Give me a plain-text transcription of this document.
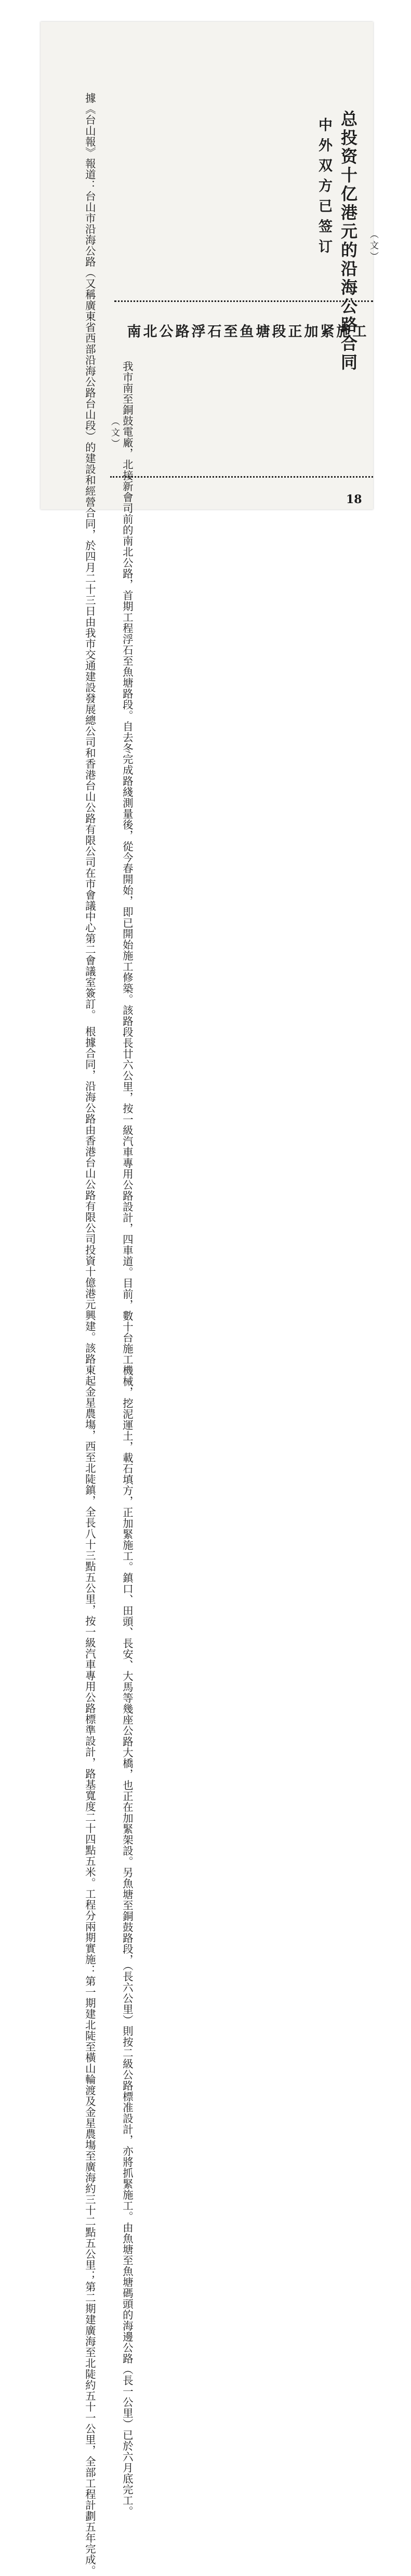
总投资十亿港元的沿海公路合同
中外双方已签订
據《台山報》報道：台山市沿海公路（又稱廣東省西部沿海公路台山段）的建設和經營合同，於四月二十三日由我市交通建設發展總公司和香港台山公路有限公司在市會議中心第二會議室簽訂。　根據合同，沿海公路由香港台山公路有限公司投資十億港元興建。該路東起金星農塲，西至北陡鎮，全長八十三點五公里，按一級汽車專用公路標準設計，路基寬度二十四點五米。工程分兩期實施：第一期建北陡至橫山輪渡及金星農塲至廣海約三十二點五公里；第二期建廣海至北陡約五十一公里，全部工程計劃五年完成。	（文）
南北公路浮石至鱼塘段正加紧施工
我市南至銅鼓電廠，北接新會司前的南北公路，首期工程浮石至魚塘路段。自去冬完成路綫測量後，從今春開始，即已開始施工修築。該路段長廿六公里，按一級汽車專用公路設計，四車道。目前，數十台施工機械，挖泥運土，載石填方，正加緊施工。鎮口、田頭、長安、大馬等幾座公路大橋，也正在加緊架設。另魚塘至銅鼓路段，（長六公里）則按二級公路標准設計，亦將抓緊施工。由魚塘至魚塘碼頭的海邊公路（長一公里）已於六月底完工。
（文）
18
